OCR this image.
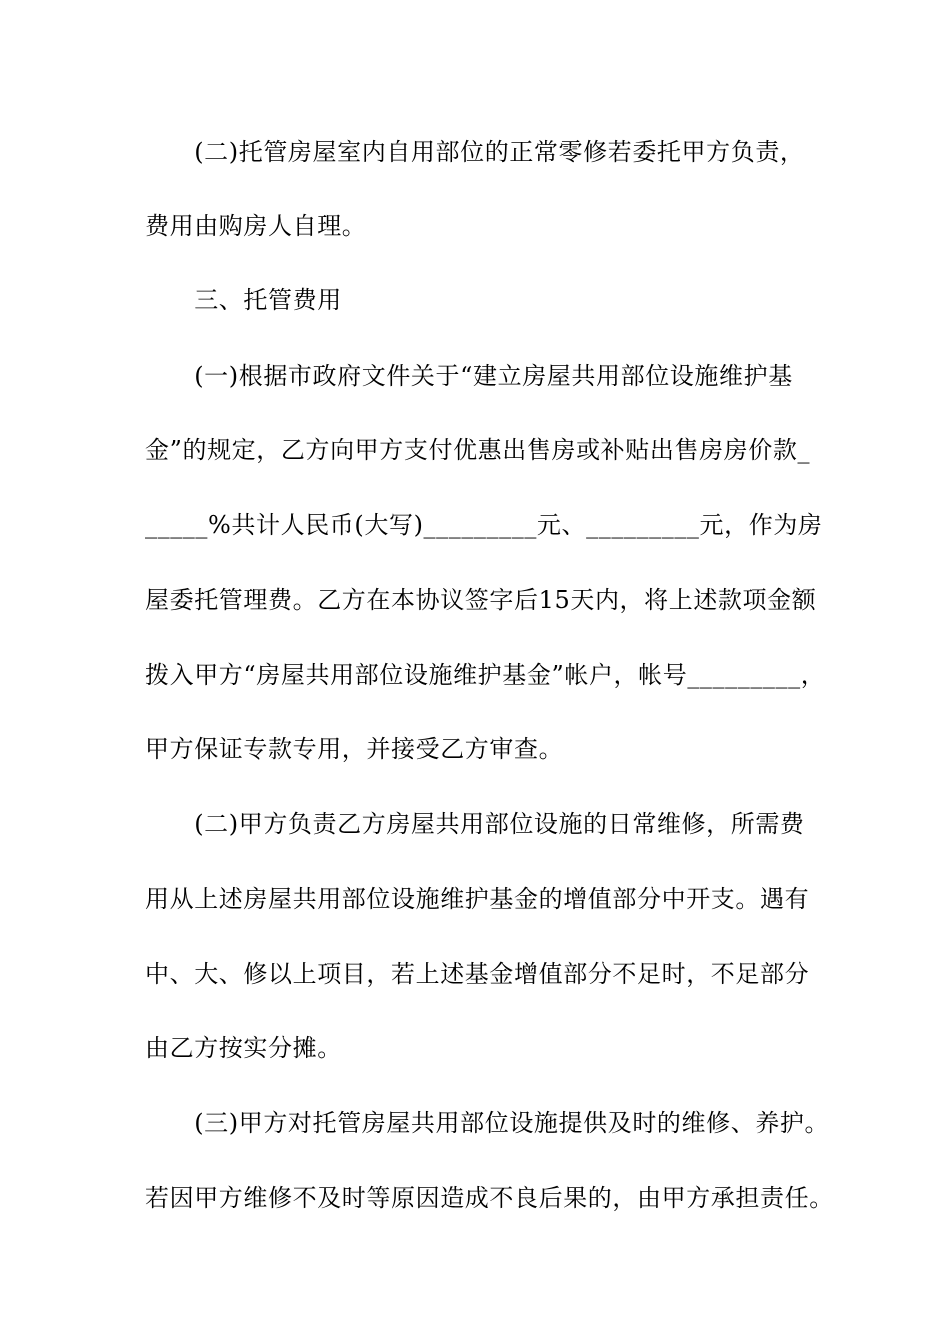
　　(二)托管房屋室内自用部位的正常零修若委托甲方负责，
费用由购房人自理。
　　三、托管费用
　　(一)根据市政府文件关于“建立房屋共用部位设施维护基
金”的规定，乙方向甲方支付优惠出售房或补贴出售房房价款_
_____%共计人民币(大写)_________元、_________元，作为房
屋委托管理费。乙方在本协议签字后15天内，将上述款项金额
拨入甲方“房屋共用部位设施维护基金”帐户，帐号_________，
甲方保证专款专用，并接受乙方审查。
　　(二)甲方负责乙方房屋共用部位设施的日常维修，所需费
用从上述房屋共用部位设施维护基金的增值部分中开支。遇有
中、大、修以上项目，若上述基金增值部分不足时，不足部分
由乙方按实分摊。
　　(三)甲方对托管房屋共用部位设施提供及时的维修、养护。
若因甲方维修不及时等原因造成不良后果的，由甲方承担责任。
